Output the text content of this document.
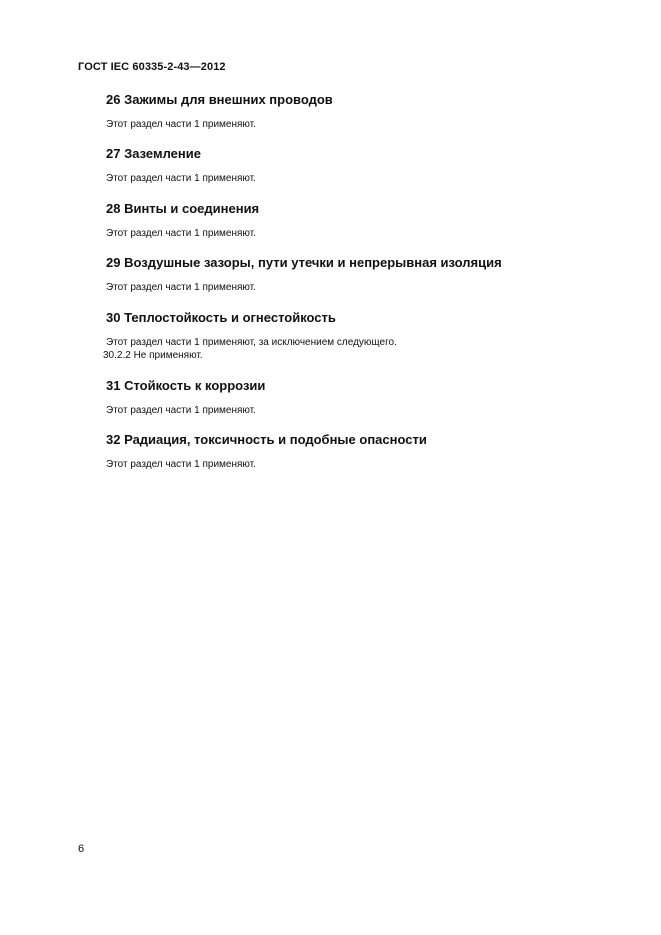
ГОСТ IEC 60335-2-43—2012
26 Зажимы для внешних проводов

Этот раздел части 1 применяют.

27 Заземление

Этот раздел части 1 применяют.

28 Винты и соединения

Этот раздел части 1 применяют.

29 Воздушные зазоры, пути утечки и непрерывная изоляция

Этот раздел части 1 применяют.

30 Теплостойкость и огнестойкость

Этот раздел части 1 применяют, за исключением следующего.

30.2.2 Не применяют.

31 Стойкость к коррозии

Этот раздел части 1 применяют.

32 Радиация, токсичность и подобные опасности

Этот раздел части 1 применяют.

6
